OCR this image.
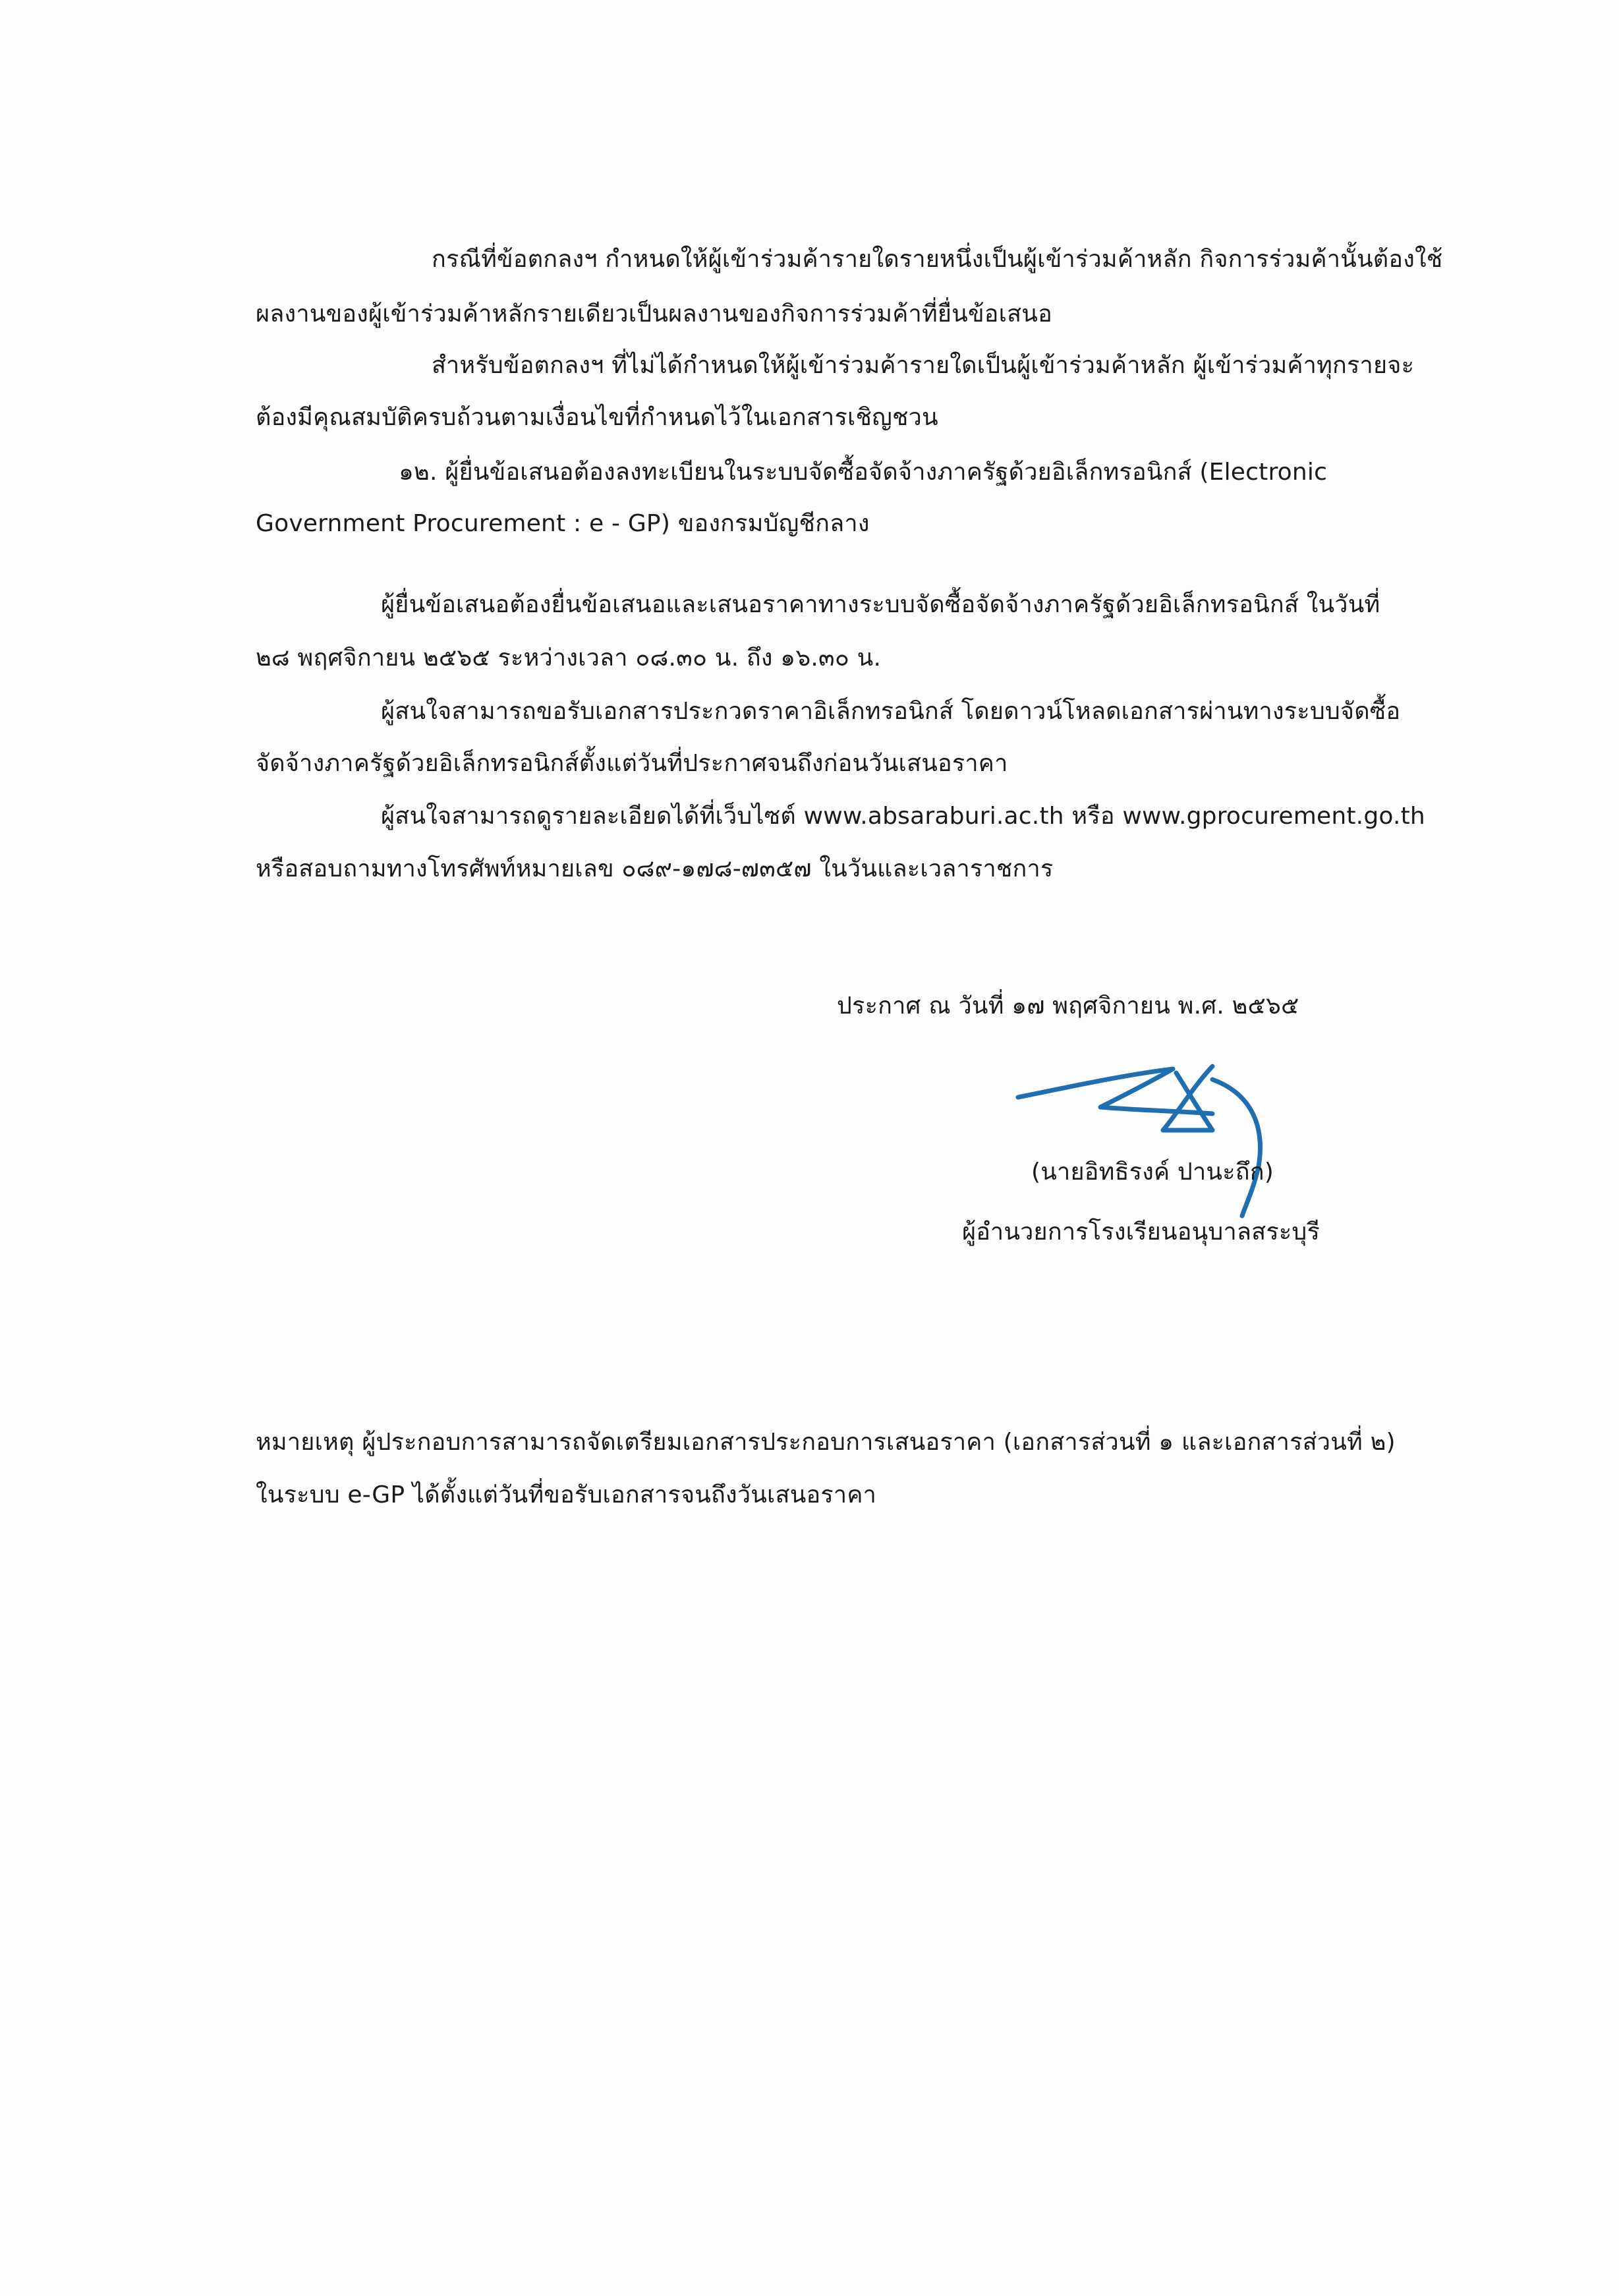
กรณีที่ข้อตกลงฯ กำหนดให้ผู้เข้าร่วมค้ารายใดรายหนึ่งเป็นผู้เข้าร่วมค้าหลัก กิจการร่วมค้านั้นต้องใช้
ผลงานของผู้เข้าร่วมค้าหลักรายเดียวเป็นผลงานของกิจการร่วมค้าที่ยื่นข้อเสนอ
สำหรับข้อตกลงฯ ที่ไม่ได้กำหนดให้ผู้เข้าร่วมค้ารายใดเป็นผู้เข้าร่วมค้าหลัก ผู้เข้าร่วมค้าทุกรายจะ
ต้องมีคุณสมบัติครบถ้วนตามเงื่อนไขที่กำหนดไว้ในเอกสารเชิญชวน
๑๒. ผู้ยื่นข้อเสนอต้องลงทะเบียนในระบบจัดซื้อจัดจ้างภาครัฐด้วยอิเล็กทรอนิกส์ (Electronic
Government Procurement : e - GP) ของกรมบัญชีกลาง
ผู้ยื่นข้อเสนอต้องยื่นข้อเสนอและเสนอราคาทางระบบจัดซื้อจัดจ้างภาครัฐด้วยอิเล็กทรอนิกส์ ในวันที่
๒๘ พฤศจิกายน ๒๕๖๕ ระหว่างเวลา ๐๘.๓๐ น. ถึง ๑๖.๓๐ น.
ผู้สนใจสามารถขอรับเอกสารประกวดราคาอิเล็กทรอนิกส์ โดยดาวน์โหลดเอกสารผ่านทางระบบจัดซื้อ
จัดจ้างภาครัฐด้วยอิเล็กทรอนิกส์ตั้งแต่วันที่ประกาศจนถึงก่อนวันเสนอราคา
ผู้สนใจสามารถดูรายละเอียดได้ที่เว็บไซต์ www.absaraburi.ac.th หรือ www.gprocurement.go.th
หรือสอบถามทางโทรศัพท์หมายเลข ๐๘๙-๑๗๘-๗๓๕๗ ในวันและเวลาราชการ
ประกาศ ณ วันที่ ๑๗ พฤศจิกายน พ.ศ. ๒๕๖๕
(นายอิทธิรงค์ ปานะถึก)
ผู้อำนวยการโรงเรียนอนุบาลสระบุรี
หมายเหตุ ผู้ประกอบการสามารถจัดเตรียมเอกสารประกอบการเสนอราคา (เอกสารส่วนที่ ๑ และเอกสารส่วนที่ ๒)
ในระบบ e-GP ได้ตั้งแต่วันที่ขอรับเอกสารจนถึงวันเสนอราคา
